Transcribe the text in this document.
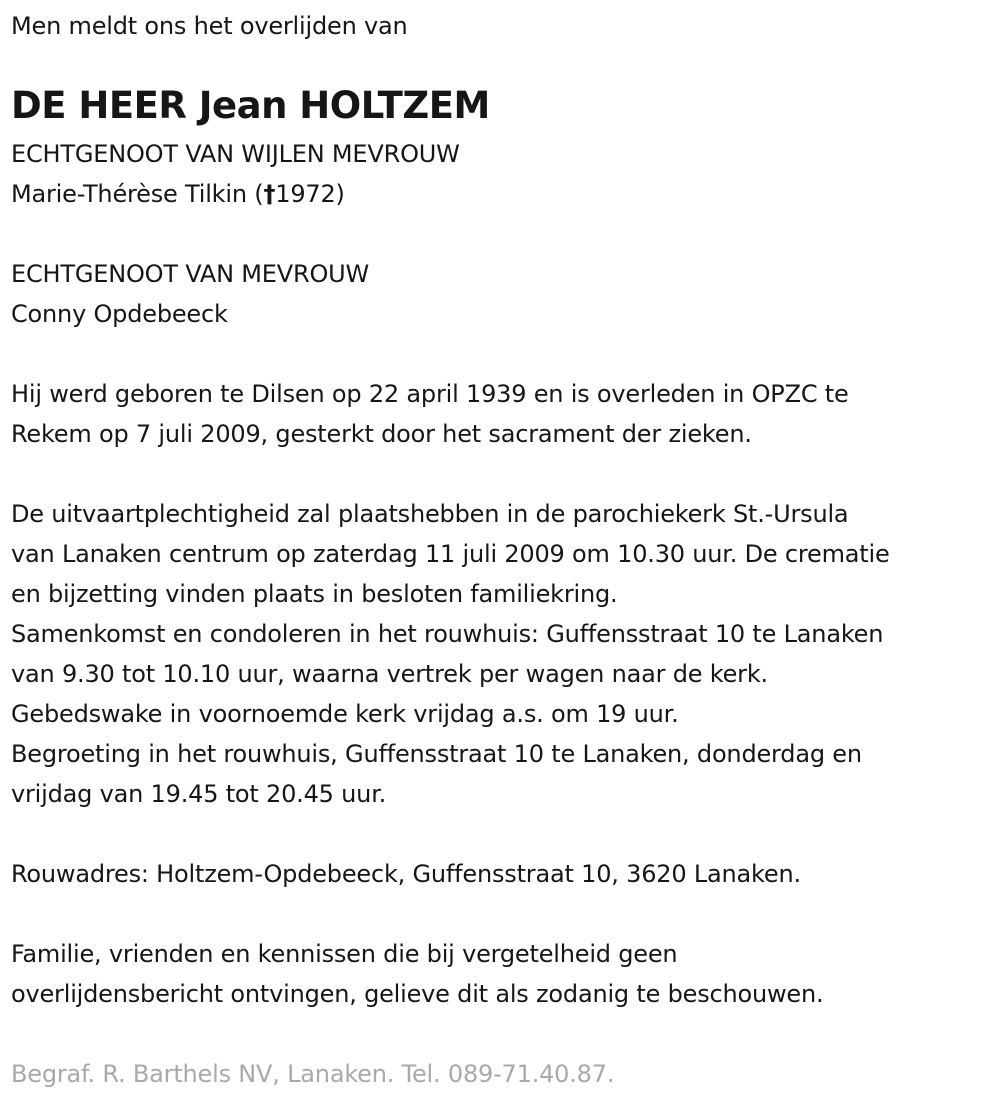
Men meldt ons het overlijden van
DE HEER Jean HOLTZEM
ECHTGENOOT VAN WIJLEN MEVROUW
Marie-Thérèse Tilkin (†1972)
ECHTGENOOT VAN MEVROUW
Conny Opdebeeck
Hij werd geboren te Dilsen op 22 april 1939 en is overleden in OPZC te
Rekem op 7 juli 2009, gesterkt door het sacrament der zieken.
De uitvaartplechtigheid zal plaatshebben in de parochiekerk St.-Ursula
van Lanaken centrum op zaterdag 11 juli 2009 om 10.30 uur. De crematie
en bijzetting vinden plaats in besloten familiekring.
Samenkomst en condoleren in het rouwhuis: Guffensstraat 10 te Lanaken
van 9.30 tot 10.10 uur, waarna vertrek per wagen naar de kerk.
Gebedswake in voornoemde kerk vrijdag a.s. om 19 uur.
Begroeting in het rouwhuis, Guffensstraat 10 te Lanaken, donderdag en
vrijdag van 19.45 tot 20.45 uur.
Rouwadres: Holtzem-Opdebeeck, Guffensstraat 10, 3620 Lanaken.
Familie, vrienden en kennissen die bij vergetelheid geen
overlijdensbericht ontvingen, gelieve dit als zodanig te beschouwen.
Begraf. R. Barthels NV, Lanaken. Tel. 089-71.40.87.
